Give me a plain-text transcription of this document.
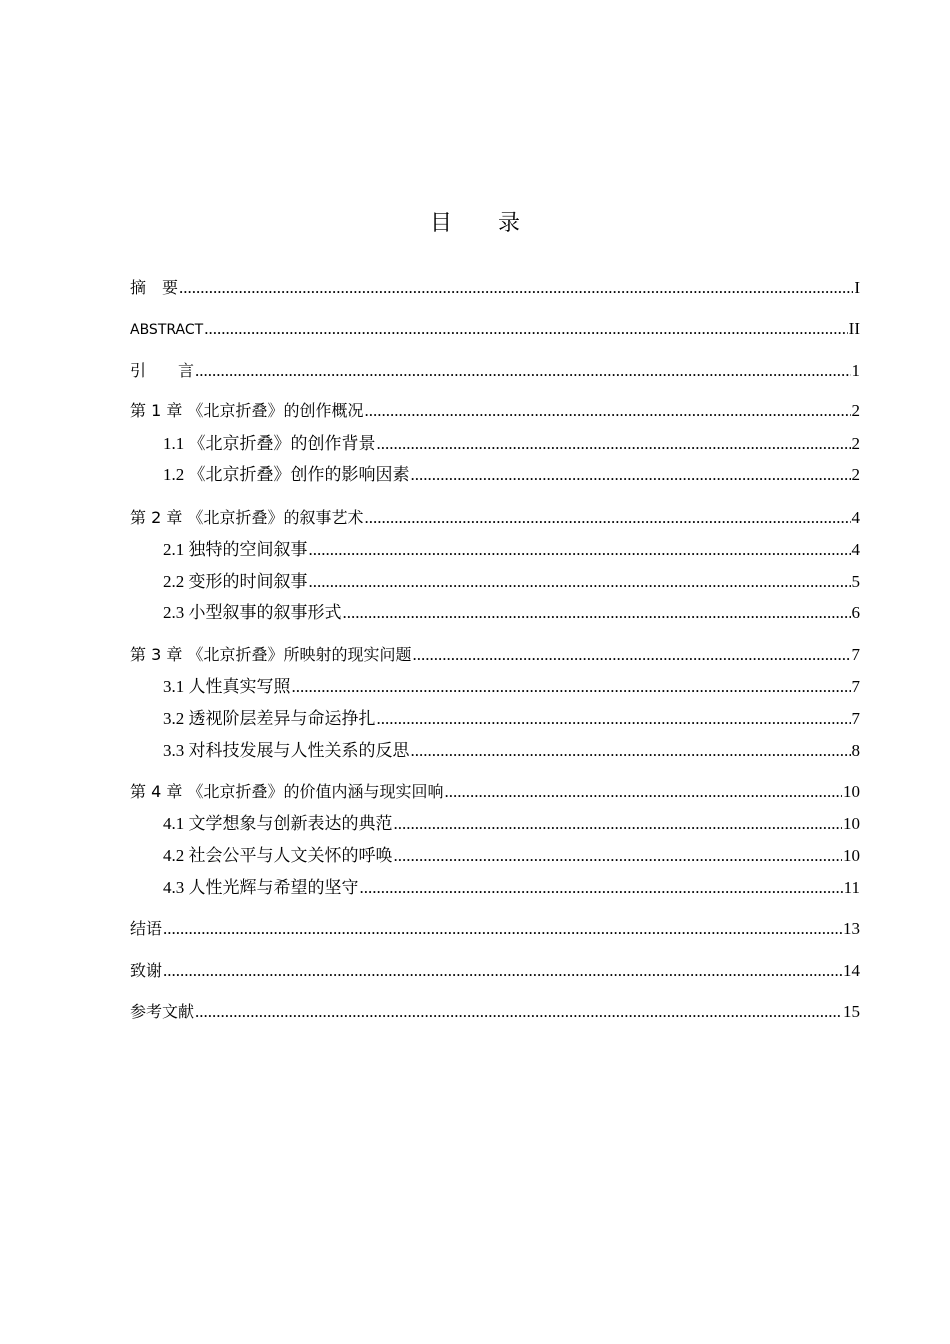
目 录
摘　要 .....	I
ABSTRACT .....	II
引　　言 .....	1
第 1 章 《北京折叠》的创作概况 .....	2
1.1 《北京折叠》的创作背景 .....	2
1.2 《北京折叠》创作的影响因素 .....	2
第 2 章 《北京折叠》的叙事艺术 .....	4
2.1 独特的空间叙事 .....	4
2.2 变形的时间叙事 .....	5
2.3 小型叙事的叙事形式 .....	6
第 3 章 《北京折叠》所映射的现实问题 .....	7
3.1 人性真实写照 .....	7
3.2 透视阶层差异与命运挣扎 .....	7
3.3 对科技发展与人性关系的反思 .....	8
第 4 章 《北京折叠》的价值内涵与现实回响 .....	10
4.1 文学想象与创新表达的典范 .....	10
4.2 社会公平与人文关怀的呼唤 .....	10
4.3 人性光辉与希望的坚守 .....	11
结语 .....	13
致谢 .....	14
参考文献 .....	15
